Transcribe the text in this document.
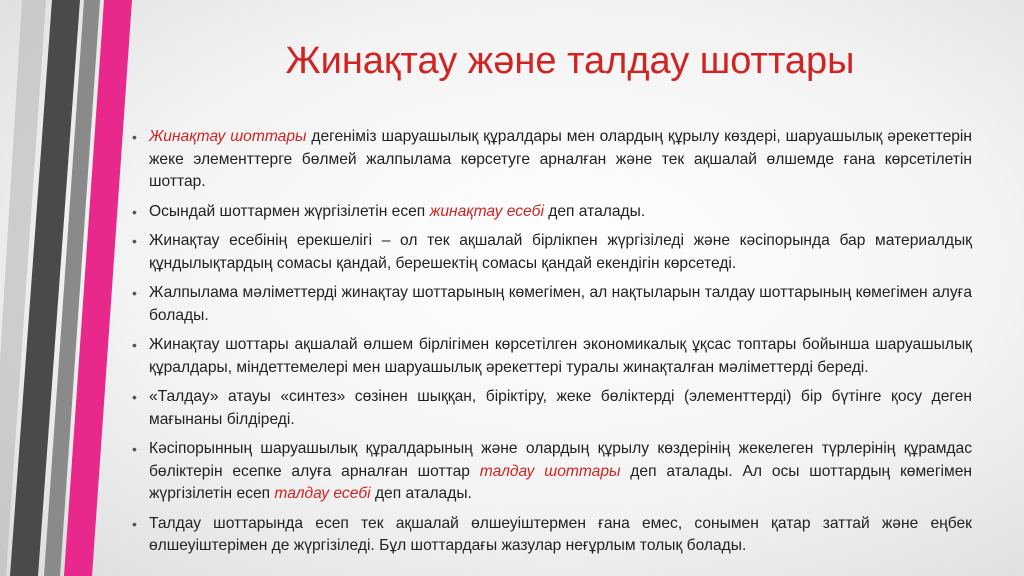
Жинақтау және талдау шоттары
• Жинақтау шоттары дегеніміз шаруашылық құралдары мен олардың құрылу көздері, шаруашылық әрекеттерін жеке элементтерге бөлмей жалпылама көрсетуге арналған және тек ақшалай өлшемде ғана көрсетілетін шоттар.
• Осындай шоттармен жүргізілетін есеп жинақтау есебі деп аталады.
• Жинақтау есебінің ерекшелігі – ол тек ақшалай бірлікпен жүргізіледі және кәсіпорында бар материалдық құндылықтардың сомасы қандай, берешектің сомасы қандай екендігін көрсетеді.
• Жалпылама мәліметтерді жинақтау шоттарының көмегімен, ал нақтыларын талдау шоттарының көмегімен алуға болады.
• Жинақтау шоттары ақшалай өлшем бірлігімен көрсетілген экономикалық ұқсас топтары бойынша шаруашылық құралдары, міндеттемелері мен шаруашылық әрекеттері туралы жинақталған мәліметтерді береді.
• «Талдау» атауы «синтез» сөзінен шыққан, біріктіру, жеке бөліктерді (элементтерді) бір бүтінге қосу деген мағынаны білдіреді.
• Кәсіпорынның шаруашылық құралдарының және олардың құрылу көздерінің жекелеген түрлерінің құрамдас бөліктерін есепке алуға арналған шоттар талдау шоттары деп аталады. Ал осы шоттардың көмегімен жүргізілетін есеп талдау есебі деп аталады.
• Талдау шоттарында есеп тек ақшалай өлшеуіштермен ғана емес, сонымен қатар заттай және еңбек өлшеуіштерімен де жүргізіледі. Бұл шоттардағы жазулар неғұрлым толық болады.
